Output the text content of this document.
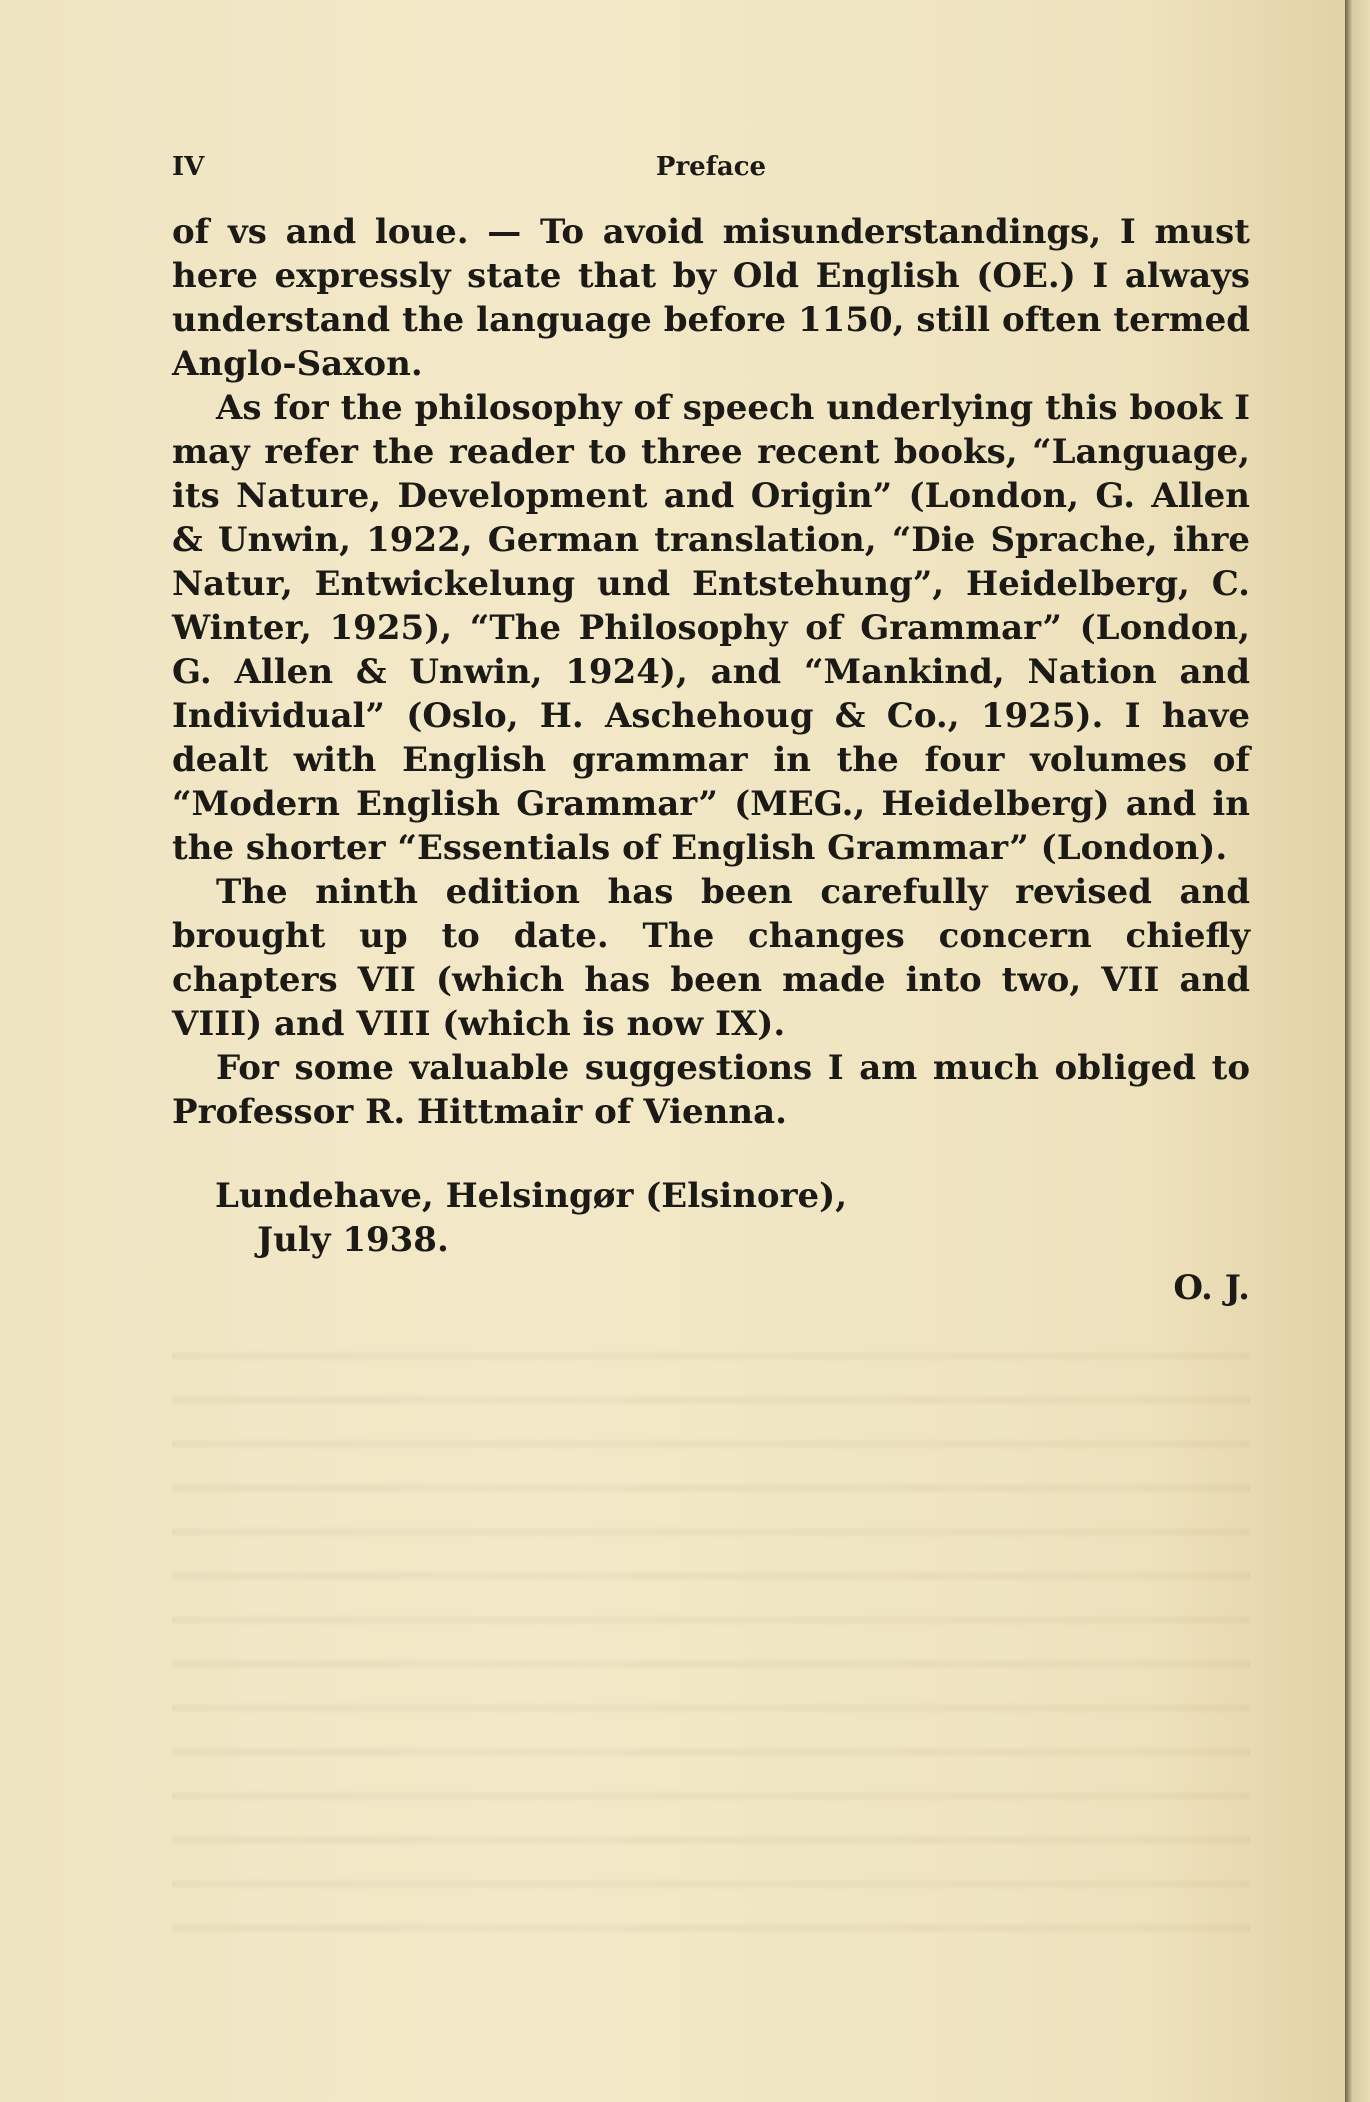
IV	Preface

of vs and loue. — To avoid misunderstandings, I must here expressly state that by Old English (OE.) I always understand the language before 1150, still often termed Anglo-Saxon.

As for the philosophy of speech underlying this book I may refer the reader to three recent books, “Language, its Nature, Development and Origin” (London, G. Allen & Unwin, 1922, German translation, “Die Sprache, ihre Natur, Entwickelung und Entstehung”, Heidelberg, C. Winter, 1925), “The Philosophy of Grammar” (London, G. Allen & Unwin, 1924), and “Mankind, Nation and Individual” (Oslo, H. Aschehoug & Co., 1925). I have dealt with English grammar in the four volumes of “Modern English Grammar” (MEG., Heidelberg) and in the shorter “Essentials of English Grammar” (London).

The ninth edition has been carefully revised and brought up to date. The changes concern chiefly chapters VII (which has been made into two, VII and VIII) and VIII (which is now IX).

For some valuable suggestions I am much obliged to Professor R. Hittmair of Vienna.

Lundehave, Helsingør (Elsinore),
July 1938.
O. J.
